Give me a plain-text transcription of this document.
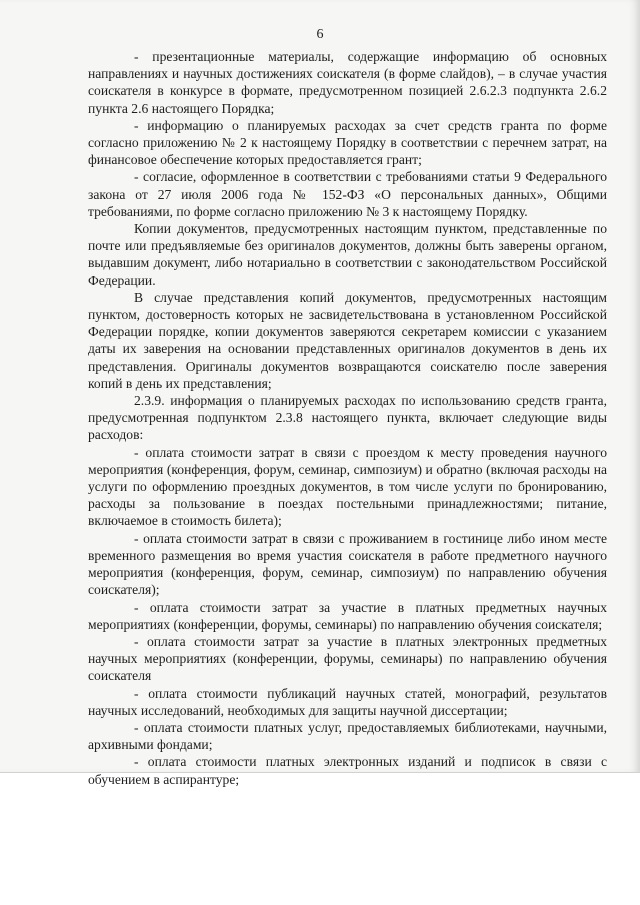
6

- презентационные материалы, содержащие информацию об основных направлениях и научных достижениях соискателя (в форме слайдов), – в случае участия соискателя в конкурсе в формате, предусмотренном позицией 2.6.2.3 подпункта 2.6.2 пункта 2.6 настоящего Порядка;

- информацию о планируемых расходах за счет средств гранта по форме согласно приложению № 2 к настоящему Порядку в соответствии с перечнем затрат, на финансовое обеспечение которых предоставляется грант;

- согласие, оформленное в соответствии с требованиями статьи 9 Федерального закона от 27 июля 2006 года № 152-ФЗ «О персональных данных», Общими требованиями, по форме согласно приложению № 3 к настоящему Порядку.

Копии документов, предусмотренных настоящим пунктом, представленные по почте или предъявляемые без оригиналов документов, должны быть заверены органом, выдавшим документ, либо нотариально в соответствии с законодательством Российской Федерации.

В случае представления копий документов, предусмотренных настоящим пунктом, достоверность которых не засвидетельствована в установленном Российской Федерации порядке, копии документов заверяются секретарем комиссии с указанием даты их заверения на основании представленных оригиналов документов в день их представления. Оригиналы документов возвращаются соискателю после заверения копий в день их представления;

2.3.9. информация о планируемых расходах по использованию средств гранта, предусмотренная подпунктом 2.3.8 настоящего пункта, включает следующие виды расходов:

- оплата стоимости затрат в связи с проездом к месту проведения научного мероприятия (конференция, форум, семинар, симпозиум) и обратно (включая расходы на услуги по оформлению проездных документов, в том числе услуги по бронированию, расходы за пользование в поездах постельными принадлежностями; питание, включаемое в стоимость билета);

- оплата стоимости затрат в связи с проживанием в гостинице либо ином месте временного размещения во время участия соискателя в работе предметного научного мероприятия (конференция, форум, семинар, симпозиум) по направлению обучения соискателя);

- оплата стоимости затрат за участие в платных предметных научных мероприятиях (конференции, форумы, семинары) по направлению обучения соискателя;

- оплата стоимости затрат за участие в платных электронных предметных научных мероприятиях (конференции, форумы, семинары) по направлению обучения соискателя

- оплата стоимости публикаций научных статей, монографий, результатов научных исследований, необходимых для защиты научной диссертации;

- оплата стоимости платных услуг, предоставляемых библиотеками, научными, архивными фондами;

- оплата стоимости платных электронных изданий и подписок в связи с обучением в аспирантуре;
